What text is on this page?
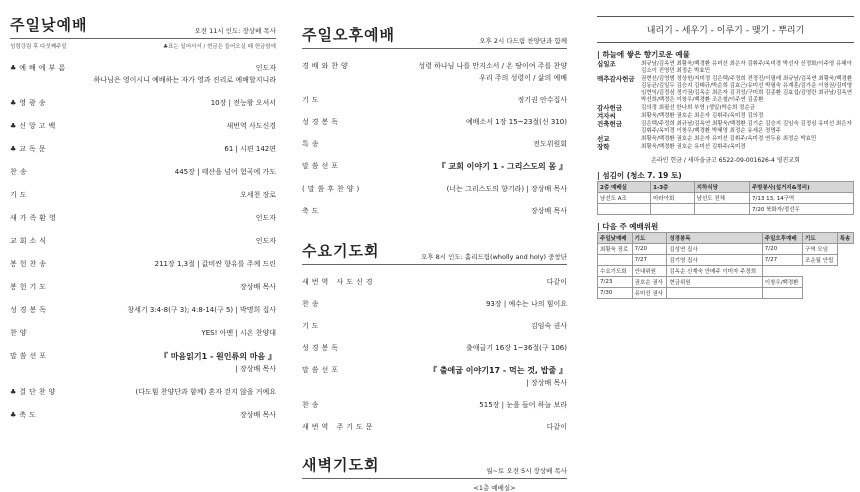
주일낮예배	오전 11시 인도: 장상배 목사
성령강림 후 다섯째주일	♣표는 일어서서 / 현금은 들어오실 때 헌금함에
♣예배에부름	인도자
하나님은 영이시니 예배하는 자가 영과 진리로 예배할지니라
♣영광송	10장 | 전능왕 오셔서
♣신앙고백	새번역 사도신경
♣교독문	61 | 시편 142편
찬송	445장 | 태산을 넘어 험곡에 가도
기도	오세천 장로
새가족환영	인도자
교회소식	인도자
봉헌찬송	211장 1,3절 | 값비싼 향유를 주께 드린
봉헌기도	장상배 목사
성경봉독	창세기 3:4-8(구 3); 4:8-14(구 5) | 박명희 집사
찬양	YES! 아멘 | 시온 찬양대
말씀선포	『 마음읽기1 - 원인류의 마음 』
| 장상배 목사
♣결단찬양	(다도힘 찬양단과 함께) 혼자 걷지 않을 거예요
♣축도	장상배 목사
주일오후예배	오후 2시 다드림 찬양단과 함께
경배와찬양	성령 하나님 나를 만지소서 / 온 땅이여 주를 찬양
우리 주의 성령이 / 삶의 예배
기도	정기권 안수집사
성경봉독	예배소서 1장 15~23절(신 310)
특송	전도위원회
말씀선포	『 교회 이야기 1 - 그리스도의 몸 』
(말씀후찬양)	(너는 그리스도의 향기라) | 장상배 목사
축도	장상배 목사
수요기도회	오후 8시 인도: 홀리드림(wholly and holy) 중창단
새번역 사도신경	다같이
찬송	93장 | 예수는 나의 힘이요
기도	김임숙 권사
성경봉독	출애굽기 16장 1~36절(구 106)
말씀선포	『 출애굽 이야기17 - 먹는 것, 밥줄 』
| 장상배 목사
찬송	515장 | 눈을 들어 하늘 보라
새번역 주기도문	다같이
새벽기도회	월~토 오전 5시 장상배 목사
<1층 예배실>
내리기 - 세우기 - 이루기 - 맺기 - 뿌리기
| 하늘에 쌓은 향기로운 예물
십일조	최규남/김옥연 최황욱/백경환 유미선 최은자 김휘주/옥미경 박선자 신정화/이주영 유혜아 김소이 진영민 최정순 박효민
맥추감사헌금	권현선/김영범 정상헌/지미정 김은택/주정희 전경진/이필레 최규남/김옥연 최황욱/백경환 김동균/김일두 김승지 김태규/박순희 김효근/유미선 박필숙 유재훈/김가운 이창권/김미영 임현익/김정심 정기권/김옥순 최은자 김귀성/구미희 김종환 김효섭/김영란 최규남/김옥연 박선희/백정은 이창우/백경환 조은철/이주연 김종환
감사헌금	김의정 최필선 한나희 부영 (생일)박순희 정순금
겨자씨	최황욱/백경환 권호순 최은자 김휘주/옥미경 김의정
건축헌금	김은택/주정희 최규남/김옥연 최황욱/백경환 김기순 김승지 김임숙 김정심 유미선 최은자 김휘주/옥미경 이창우/백경환 박혜영 최정순 유세은 정명주
선교	최황욱/백경환 권호순 최은자 유미선 김휘주/옥미경 연두용 최정순 박효민
장학	최황욱/백경환 권호순 유미선 김휘주/옥미경
온라인 헌금 / 새마을금고 6522-09-001626-4 영진교회
| 섬김이 (청소 7. 19 토)
2층 예배실	1-3층	지하식당	주방봉사(설거지&정리)
남선도 A조	마라아회	남선도 전체	7/13 13, 14구역
			7/20 북화자/정선우
| 다음 주 예배위원
주일낮예배	기도	성경봉독	주일오후예배	기도	특송
최황욱 장로	7/20	김성연 집사	7/20	구역 모임	
	7/27	김기영 집사	7/27	조운월 안립	
수요기도회	안내위원	김옥순 신재숙 안매주 이미자 주정희			
7/23	권호순 권사	현금위원	이창우/백경환		
7/30	유미선 권사				
